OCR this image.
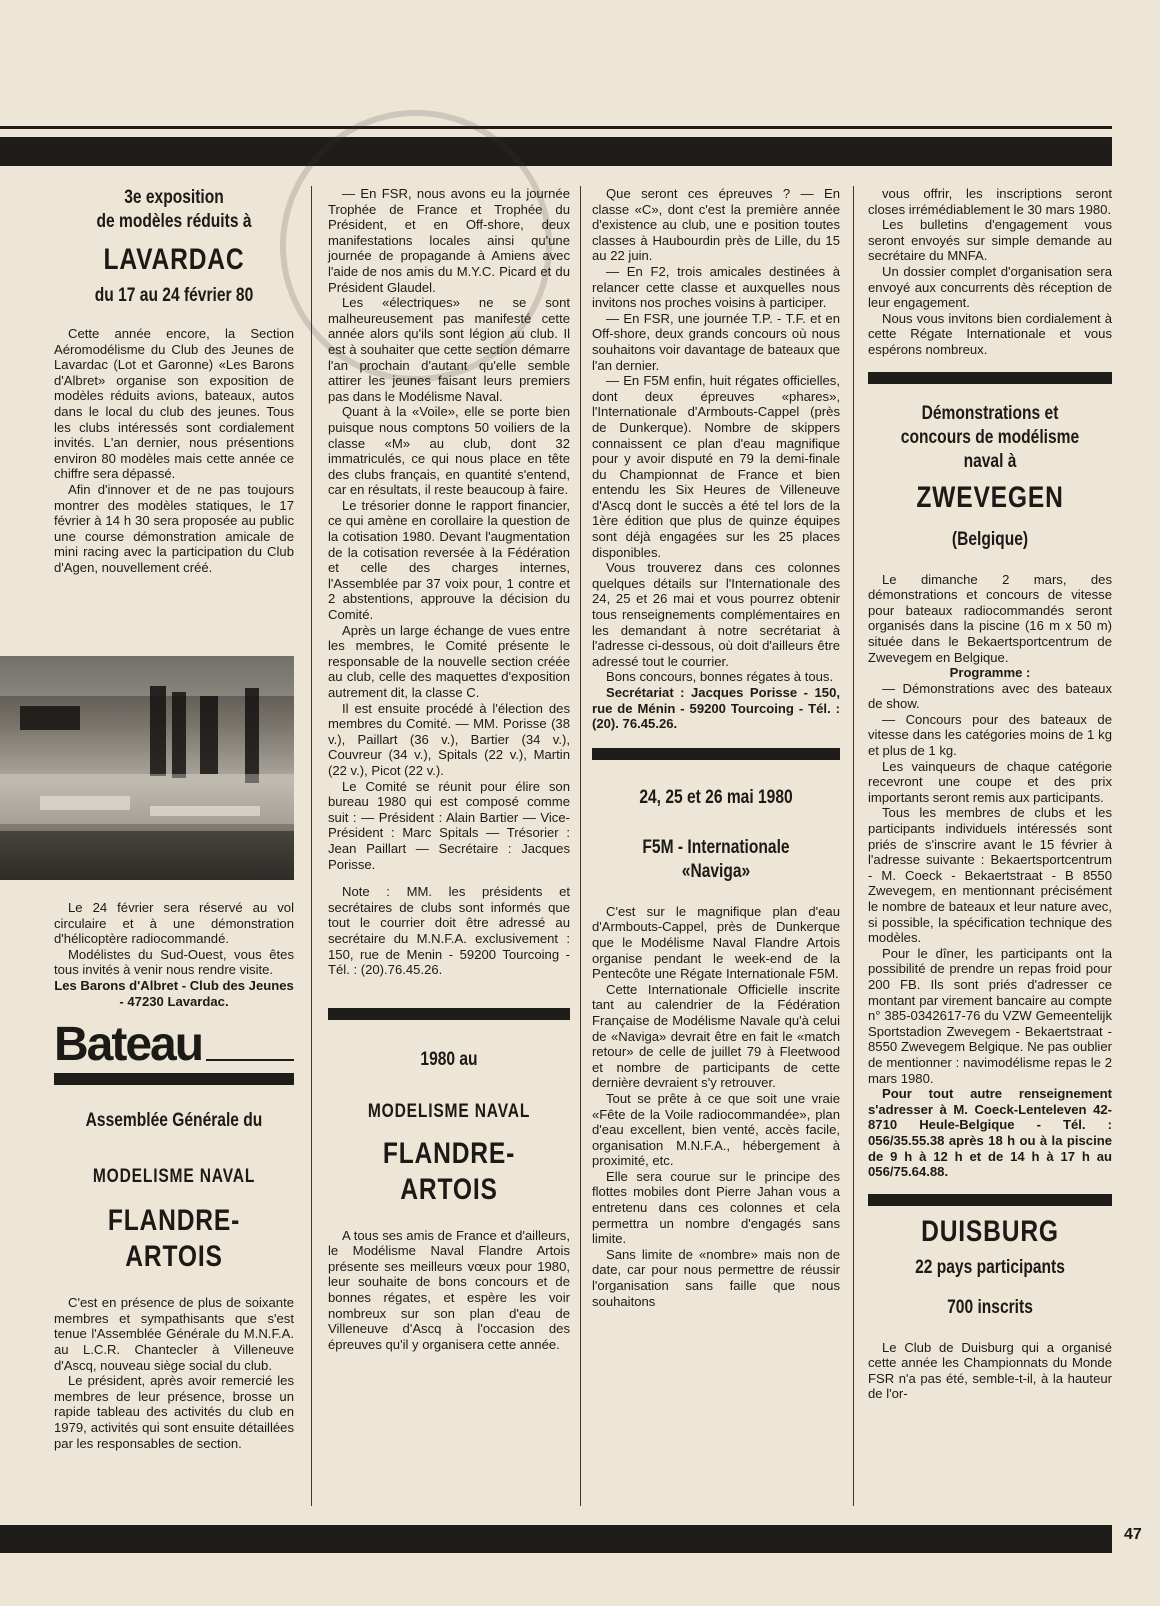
3e exposition
de modèles réduits à
LAVARDAC
du 17 au 24 février 80

Cette année encore, la Section Aéromodélisme du Club des Jeunes de Lavardac (Lot et Garonne) «Les Barons d'Albret» organise son exposition de modèles réduits avions, bateaux, autos dans le local du club des jeunes. Tous les clubs intéressés sont cordialement invités. L'an dernier, nous présentions environ 80 modèles mais cette année ce chiffre sera dépassé.

Afin d'innover et de ne pas toujours montrer des modèles statiques, le 17 février à 14 h 30 sera proposée au public une course démonstration amicale de mini racing avec la participation du Club d'Agen, nouvellement créé.

Le 24 février sera réservé au vol circulaire et à une démonstration d'hélicoptère radiocommandé.

Modélistes du Sud-Ouest, vous êtes tous invités à venir nous rendre visite.

Les Barons d'Albret - Club des Jeunes - 47230 Lavardac.

Bateau
Assemblée Générale du
MODELISME NAVAL
FLANDRE-ARTOIS

C'est en présence de plus de soixante membres et sympathisants que s'est tenue l'Assemblée Générale du M.N.F.A. au L.C.R. Chantecler à Villeneuve d'Ascq, nouveau siège social du club.

Le président, après avoir remercié les membres de leur présence, brosse un rapide tableau des activités du club en 1979, activités qui sont ensuite détaillées par les responsables de section.

— En FSR, nous avons eu la journée Trophée de France et Trophée du Président, et en Off-shore, deux manifestations locales ainsi qu'une journée de propagande à Amiens avec l'aide de nos amis du M.Y.C. Picard et du Président Glaudel.

Les «électriques» ne se sont malheureusement pas manifesté cette année alors qu'ils sont légion au club. Il est à souhaiter que cette section démarre l'an prochain d'autant qu'elle semble attirer les jeunes faisant leurs premiers pas dans le Modélisme Naval.

Quant à la «Voile», elle se porte bien puisque nous comptons 50 voiliers de la classe «M» au club, dont 32 immatriculés, ce qui nous place en tête des clubs français, en quantité s'entend, car en résultats, il reste beaucoup à faire.

Le trésorier donne le rapport financier, ce qui amène en corollaire la question de la cotisation 1980. Devant l'augmentation de la cotisation reversée à la Fédération et celle des charges internes, l'Assemblée par 37 voix pour, 1 contre et 2 abstentions, approuve la décision du Comité.

Après un large échange de vues entre les membres, le Comité présente le responsable de la nouvelle section créée au club, celle des maquettes d'exposition autrement dit, la classe C.

Il est ensuite procédé à l'élection des membres du Comité. — MM. Porisse (38 v.), Paillart (36 v.), Bartier (34 v.), Couvreur (34 v.), Spitals (22 v.), Martin (22 v.), Picot (22 v.).

Le Comité se réunit pour élire son bureau 1980 qui est composé comme suit : — Président : Alain Bartier — Vice-Président : Marc Spitals — Trésorier : Jean Paillart — Secrétaire : Jacques Porisse.

Note : MM. les présidents et secrétaires de clubs sont informés que tout le courrier doit être adressé au secrétaire du M.N.F.A. exclusivement : 150, rue de Menin - 59200 Tourcoing - Tél. : (20).76.45.26.

1980 au
MODELISME NAVAL
FLANDRE-ARTOIS

A tous ses amis de France et d'ailleurs, le Modélisme Naval Flandre Artois présente ses meilleurs vœux pour 1980, leur souhaite de bons concours et de bonnes régates, et espère les voir nombreux sur son plan d'eau de Villeneuve d'Ascq à l'occasion des épreuves qu'il y organisera cette année.

Que seront ces épreuves ? — En classe «C», dont c'est la première année d'existence au club, une e position toutes classes à Haubourdin près de Lille, du 15 au 22 juin.

— En F2, trois amicales destinées à relancer cette classe et auxquelles nous invitons nos proches voisins à participer.

— En FSR, une journée T.P. - T.F. et en Off-shore, deux grands concours où nous souhaitons voir davantage de bateaux que l'an dernier.

— En F5M enfin, huit régates officielles, dont deux épreuves «phares», l'Internationale d'Armbouts-Cappel (près de Dunkerque). Nombre de skippers connaissent ce plan d'eau magnifique pour y avoir disputé en 79 la demi-finale du Championnat de France et bien entendu les Six Heures de Villeneuve d'Ascq dont le succès a été tel lors de la 1ère édition que plus de quinze équipes sont déjà engagées sur les 25 places disponibles.

Vous trouverez dans ces colonnes quelques détails sur l'Internationale des 24, 25 et 26 mai et vous pourrez obtenir tous renseignements complémentaires en les demandant à notre secrétariat à l'adresse ci-dessous, où doit d'ailleurs être adressé tout le courrier.

Bons concours, bonnes régates à tous.

Secrétariat : Jacques Porisse - 150, rue de Ménin - 59200 Tourcoing - Tél. : (20). 76.45.26.

24, 25 et 26 mai 1980
F5M - Internationale «Naviga»

C'est sur le magnifique plan d'eau d'Armbouts-Cappel, près de Dunkerque que le Modélisme Naval Flandre Artois organise pendant le week-end de la Pentecôte une Régate Internationale F5M.

Cette Internationale Officielle inscrite tant au calendrier de la Fédération Française de Modélisme Navale qu'à celui de «Naviga» devrait être en fait le «match retour» de celle de juillet 79 à Fleetwood et nombre de participants de cette dernière devraient s'y retrouver.

Tout se prête à ce que soit une vraie «Fête de la Voile radiocommandée», plan d'eau excellent, bien venté, accès facile, organisation M.N.F.A., hébergement à proximité, etc.

Elle sera courue sur le principe des flottes mobiles dont Pierre Jahan vous a entretenu dans ces colonnes et cela permettra un nombre d'engagés sans limite.

Sans limite de «nombre» mais non de date, car pour nous permettre de réussir l'organisation sans faille que nous souhaitons

vous offrir, les inscriptions seront closes irrémédiablement le 30 mars 1980.

Les bulletins d'engagement vous seront envoyés sur simple demande au secrétaire du MNFA.

Un dossier complet d'organisation sera envoyé aux concurrents dès réception de leur engagement.

Nous vous invitons bien cordialement à cette Régate Internationale et vous espérons nombreux.

Démonstrations et concours de modélisme naval à
ZWEVEGEN
(Belgique)

Le dimanche 2 mars, des démonstrations et concours de vitesse pour bateaux radiocommandés seront organisés dans la piscine (16 m x 50 m) située dans le Bekaertsportcentrum de Zwevegem en Belgique.

Programme :

— Démonstrations avec des bateaux de show.

— Concours pour des bateaux de vitesse dans les catégories moins de 1 kg et plus de 1 kg.

Les vainqueurs de chaque catégorie recevront une coupe et des prix importants seront remis aux participants.

Tous les membres de clubs et les participants individuels intéressés sont priés de s'inscrire avant le 15 février à l'adresse suivante : Bekaertsportcentrum - M. Coeck - Bekaertstraat - B 8550 Zwevegem, en mentionnant précisément le nombre de bateaux et leur nature avec, si possible, la spécification technique des modèles.

Pour le dîner, les participants ont la possibilité de prendre un repas froid pour 200 FB. Ils sont priés d'adresser ce montant par virement bancaire au compte n° 385-0342617-76 du VZW Gemeentelijk Sportstadion Zwevegem - Bekaertstraat - 8550 Zwevegem Belgique. Ne pas oublier de mentionner : navimodélisme repas le 2 mars 1980.

Pour tout autre renseignement s'adresser à M. Coeck-Lenteleven 42-8710 Heule-Belgique - Tél. : 056/35.55.38 après 18 h ou à la piscine de 9 h à 12 h et de 14 h à 17 h au 056/75.64.88.

DUISBURG
22 pays participants
700 inscrits

Le Club de Duisburg qui a organisé cette année les Championnats du Monde FSR n'a pas été, semble-t-il, à la hauteur de l'or-

47
